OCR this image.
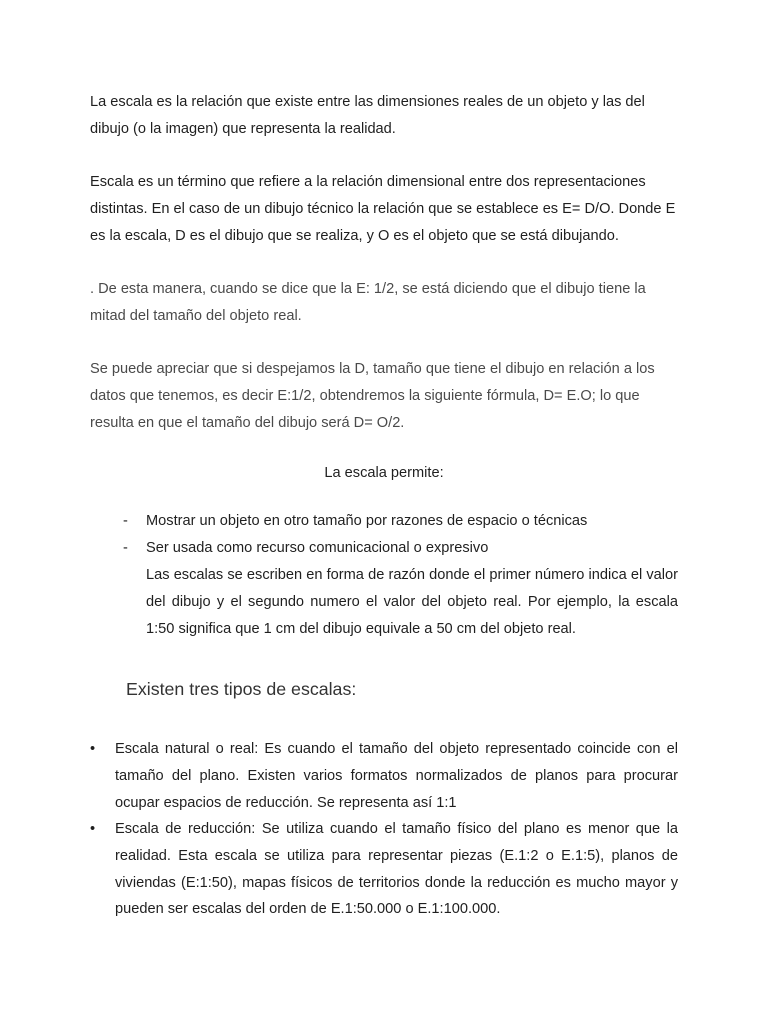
La escala es la relación que existe entre las dimensiones reales de un objeto y las del dibujo (o la imagen) que representa la realidad.

Escala es un término que refiere a la relación dimensional entre dos representaciones distintas. En el caso de un dibujo técnico la relación que se establece es E= D/O. Donde E es la escala, D es el dibujo que se realiza, y O es el objeto que se está dibujando.

. De esta manera, cuando se dice que la E: 1/2, se está diciendo que el dibujo tiene la mitad del tamaño del objeto real.

Se puede apreciar que si despejamos la D, tamaño que tiene el dibujo en relación a los datos que tenemos, es decir E:1/2, obtendremos la siguiente fórmula, D= E.O; lo que resulta en que el tamaño del dibujo será D= O/2.

La escala permite:

- Mostrar un objeto en otro tamaño por razones de espacio o técnicas
- Ser usada como recurso comunicacional o expresivo

Las escalas se escriben en forma de razón donde el primer número indica el valor del dibujo y el segundo numero el valor del objeto real. Por ejemplo, la escala 1:50 significa que 1 cm del dibujo equivale a 50 cm del objeto real.

Existen tres tipos de escalas:

• Escala natural o real: Es cuando el tamaño del objeto representado coincide con el tamaño del plano. Existen varios formatos normalizados de planos para procurar ocupar espacios de reducción. Se representa así 1:1

• Escala de reducción: Se utiliza cuando el tamaño físico del plano es menor que la realidad. Esta escala se utiliza para representar piezas (E.1:2 o E.1:5), planos de viviendas (E:1:50), mapas físicos de territorios donde la reducción es mucho mayor y pueden ser escalas del orden de E.1:50.000 o E.1:100.000.
